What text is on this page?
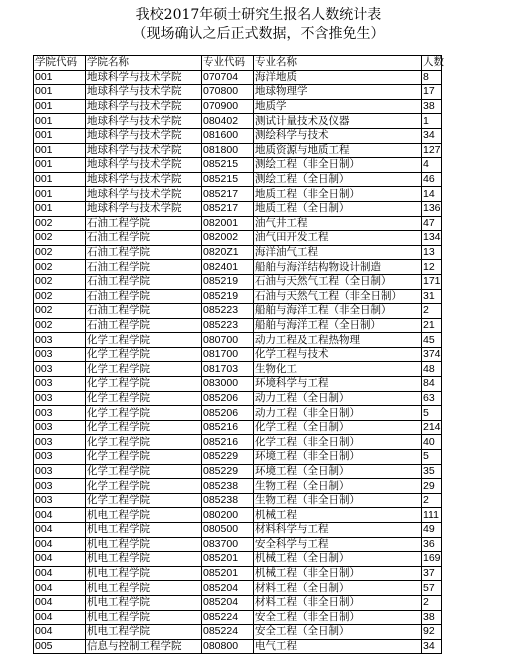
我校2017年硕士研究生报名人数统计表
（现场确认之后正式数据，不含推免生）
学院代码	学院名称	专业代码	专业名称	人数
001	地球科学与技术学院	070704	海洋地质	8
001	地球科学与技术学院	070800	地球物理学	17
001	地球科学与技术学院	070900	地质学	38
001	地球科学与技术学院	080402	测试计量技术及仪器	1
001	地球科学与技术学院	081600	测绘科学与技术	34
001	地球科学与技术学院	081800	地质资源与地质工程	127
001	地球科学与技术学院	085215	测绘工程（非全日制）	4
001	地球科学与技术学院	085215	测绘工程（全日制）	46
001	地球科学与技术学院	085217	地质工程（非全日制）	14
001	地球科学与技术学院	085217	地质工程（全日制）	136
002	石油工程学院	082001	油气井工程	47
002	石油工程学院	082002	油气田开发工程	134
002	石油工程学院	0820Z1	海洋油气工程	13
002	石油工程学院	082401	船舶与海洋结构物设计制造	12
002	石油工程学院	085219	石油与天然气工程（全日制）	171
002	石油工程学院	085219	石油与天然气工程（非全日制）	31
002	石油工程学院	085223	船舶与海洋工程（非全日制）	2
002	石油工程学院	085223	船舶与海洋工程（全日制）	21
003	化学工程学院	080700	动力工程及工程热物理	45
003	化学工程学院	081700	化学工程与技术	374
003	化学工程学院	081703	生物化工	48
003	化学工程学院	083000	环境科学与工程	84
003	化学工程学院	085206	动力工程（全日制）	63
003	化学工程学院	085206	动力工程（非全日制）	5
003	化学工程学院	085216	化学工程（全日制）	214
003	化学工程学院	085216	化学工程（非全日制）	40
003	化学工程学院	085229	环境工程（非全日制）	5
003	化学工程学院	085229	环境工程（全日制）	35
003	化学工程学院	085238	生物工程（全日制）	29
003	化学工程学院	085238	生物工程（非全日制）	2
004	机电工程学院	080200	机械工程	111
004	机电工程学院	080500	材料科学与工程	49
004	机电工程学院	083700	安全科学与工程	36
004	机电工程学院	085201	机械工程（全日制）	169
004	机电工程学院	085201	机械工程（非全日制）	37
004	机电工程学院	085204	材料工程（全日制）	57
004	机电工程学院	085204	材料工程（非全日制）	2
004	机电工程学院	085224	安全工程（非全日制）	38
004	机电工程学院	085224	安全工程（全日制）	92
005	信息与控制工程学院	080800	电气工程	34
